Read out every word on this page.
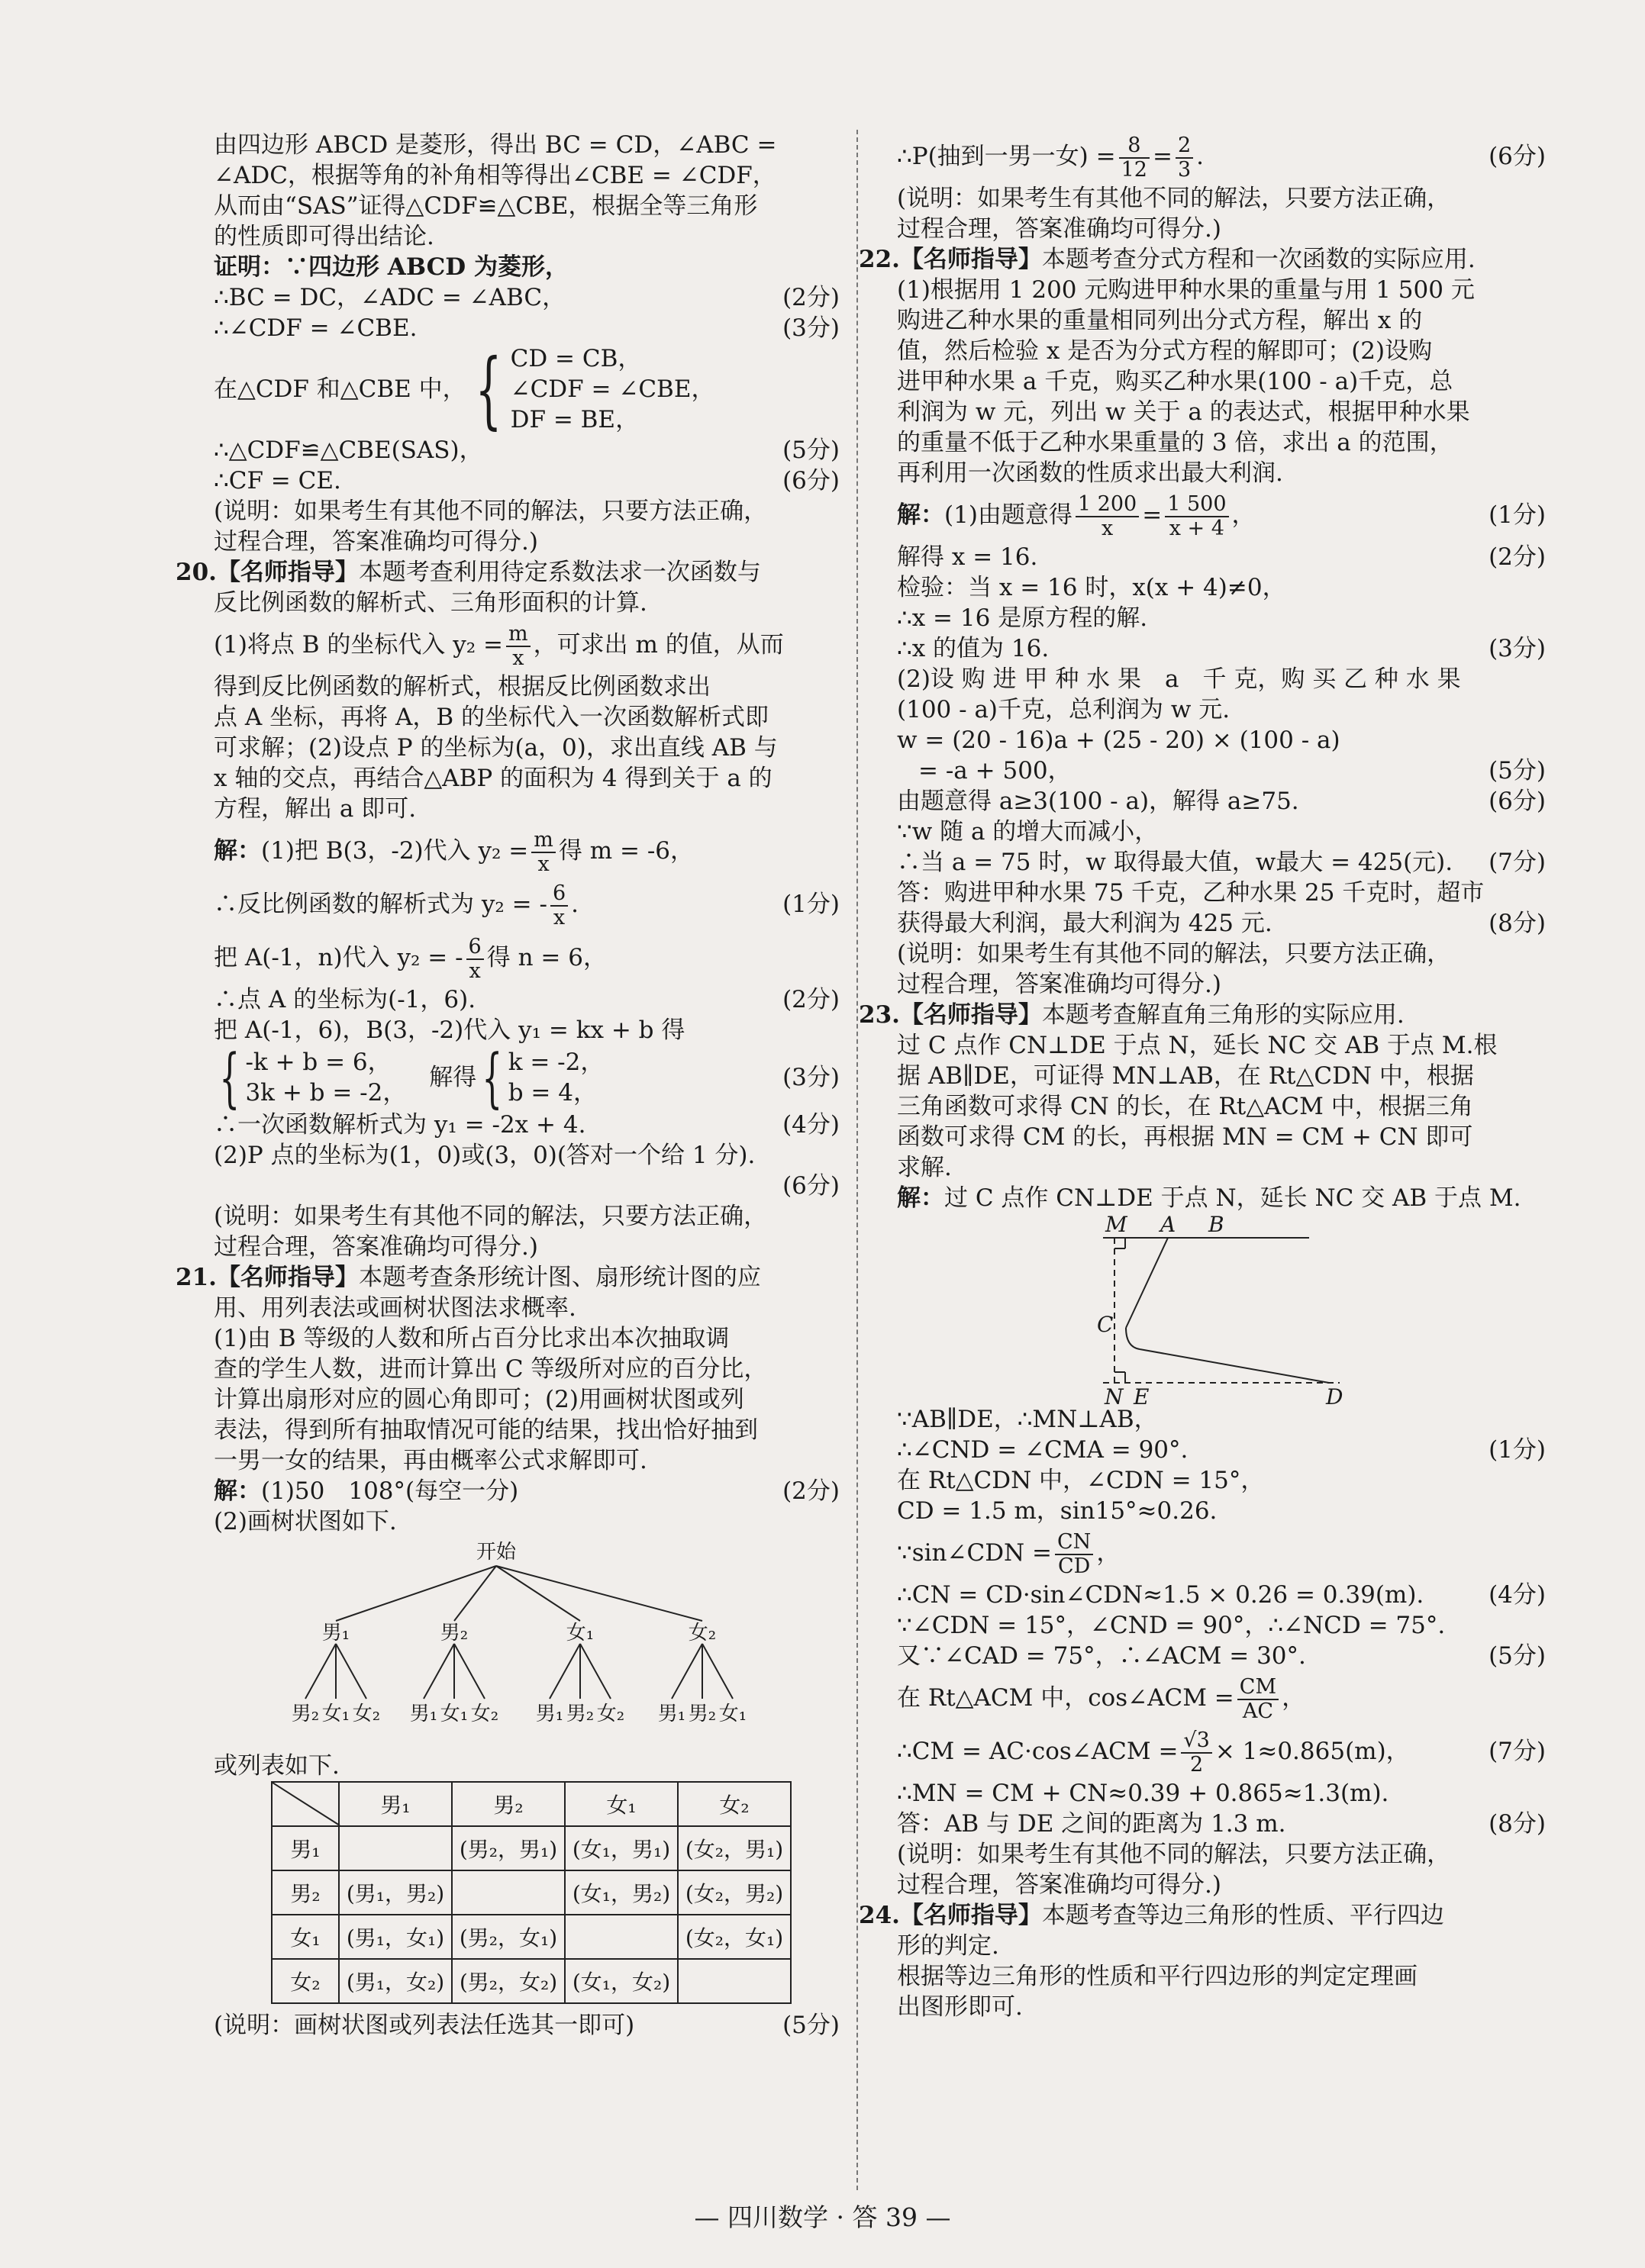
由四边形 ABCD 是菱形，得出 BC = CD，∠ABC =
∠ADC，根据等角的补角相等得出∠CBE = ∠CDF，
从而由“SAS”证得△CDF≌△CBE，根据全等三角形
的性质即可得出结论.
证明：∵四边形 ABCD 为菱形，
∴BC = DC，∠ADC = ∠ABC，	(2分)
∴∠CDF = ∠CBE.	(3分)
在△CDF 和△CBE 中， { CD = CB，
∠CDF = ∠CBE，
DF = BE，
∴△CDF≌△CBE(SAS)，	(5分)
∴CF = CE.	(6分)
(说明：如果考生有其他不同的解法，只要方法正确，
过程合理，答案准确均可得分.)
20.【名师指导】本题考查利用待定系数法求一次函数与
反比例函数的解析式、三角形面积的计算.
(1)将点 B 的坐标代入 $y_2 = \frac{m}{x}$ ，可求出 m 的值，从而
得到反比例函数的解析式，根据反比例函数求出
点 A 坐标，再将 A，B 的坐标代入一次函数解析式即
可求解；(2)设点 P 的坐标为(a，0)，求出直线 AB 与
x 轴的交点，再结合△ABP 的面积为 4 得到关于 a 的
方程，解出 a 即可.
解：(1)把 B(3，-2)代入 $y_2 = \frac{m}{x}$ 得 m = -6，
∴反比例函数的解析式为 y₂ = - $\frac{6}{x}$ .	(1分)
把 A(-1，n)代入 y₂ = - $\frac{6}{x}$ 得 n = 6，
∴点 A 的坐标为(-1，6).	(2分)
把 A(-1，6)，B(3，-2)代入 y₁ = kx + b 得
{ -k + b = 6，
3k + b = -2，
解得{ k = -2，
b = 4，
(3分)
∴一次函数解析式为 y₁ = -2x + 4.	(4分)
(2)P 点的坐标为(1，0)或(3，0)(答对一个给 1 分).
(6分)
(说明：如果考生有其他不同的解法，只要方法正确，
过程合理，答案准确均可得分.)
21.【名师指导】本题考查条形统计图、扇形统计图的应
用、用列表法或画树状图法求概率.
(1)由 B 等级的人数和所占百分比求出本次抽取调
查的学生人数，进而计算出 C 等级所对应的百分比，
计算出扇形对应的圆心角即可；(2)用画树状图或列
表法，得到所有抽取情况可能的结果，找出恰好抽到
一男一女的结果，再由概率公式求解即可.
解：(1)50　108°(每空一分)	(2分)
(2)画树状图如下.
开始
男₁	男₂	女₁	女₂
男₂ 女₁ 女₂ 男₁ 女₁ 女₂ 男₁ 男₂ 女₂ 男₁ 男₂ 女₁
或列表如下.
	男₁	男₂	女₁	女₂
男₁		(男₂，男₁)	(女₁，男₁)	(女₂，男₁)
男₂	(男₁，男₂)		(女₁，男₂)	(女₂，男₂)
女₁	(男₁，女₁)	(男₂，女₁)		(女₂，女₁)
女₂	(男₁，女₂)	(男₂，女₂)	(女₁，女₂)	
(说明：画树状图或列表法任选其一即可)	(5分)
∴P(抽到一男一女) = $\frac{8}{12} = \frac{2}{3}$ .	(6分)
(说明：如果考生有其他不同的解法，只要方法正确，
过程合理，答案准确均可得分.)
22.【名师指导】本题考查分式方程和一次函数的实际应用.
(1)根据用 1 200 元购进甲种水果的重量与用 1 500 元
购进乙种水果的重量相同列出分式方程，解出 x 的
值，然后检验 x 是否为分式方程的解即可；(2)设购
进甲种水果 a 千克，购买乙种水果(100 - a)千克，总
利润为 w 元，列出 w 关于 a 的表达式，根据甲种水果
的重量不低于乙种水果重量的 3 倍，求出 a 的范围，
再利用一次函数的性质求出最大利润.
解：(1)由题意得 $\frac{1 200}{x} = \frac{1 500}{x + 4}$ ，	(1分)
解得 x = 16.	(2分)
检验：当 x = 16 时，x(x + 4)≠0，
∴x = 16 是原方程的解.
∴x 的值为 16.	(3分)
(2)设 购 进 甲 种 水 果　a　千 克，购 买 乙 种 水 果
(100 - a)千克，总利润为 w 元.
w = (20 - 16)a + (25 - 20) × (100 - a)
= -a + 500，	(5分)
由题意得 a≥3(100 - a)，解得 a≥75.	(6分)
∵w 随 a 的增大而减小，
∴当 a = 75 时，w 取得最大值，w最大 = 425(元). (7分)
答：购进甲种水果 75 千克，乙种水果 25 千克时，超市
获得最大利润，最大利润为 425 元.	(8分)
(说明：如果考生有其他不同的解法，只要方法正确，
过程合理，答案准确均可得分.)
23.【名师指导】本题考查解直角三角形的实际应用.
过 C 点作 CN⊥DE 于点 N，延长 NC 交 AB 于点 M.根
据 AB∥DE，可证得 MN⊥AB，在 Rt△CDN 中，根据
三角函数可求得 CN 的长，在 Rt△ACM 中，根据三角
函数可求得 CM 的长，再根据 MN = CM + CN 即可
求解.
解：过 C 点作 CN⊥DE 于点 N，延长 NC 交 AB 于点 M.
M A B
C
N E	D
∵AB∥DE，∴MN⊥AB，
∴∠CND = ∠CMA = 90°.	(1分)
在 Rt△CDN 中，∠CDN = 15°，
CD = 1.5 m，sin15°≈0.26.
∵sin∠CDN = $\frac{CN}{CD}$ ，
∴CN = CD·sin∠CDN≈1.5 × 0.26 = 0.39(m).	(4分)
∵∠CDN = 15°，∠CND = 90°，∴∠NCD = 75°.
又∵∠CAD = 75°，∴∠ACM = 30°.	(5分)
在 Rt△ACM 中，cos∠ACM = $\frac{CM}{AC}$ ，
∴CM = AC·cos∠ACM = $\frac{√3}{2} \times 1\approx 0.865(m)$，	(7分)
∴MN = CM + CN≈0.39 + 0.865≈1.3(m).
答：AB 与 DE 之间的距离为 1.3 m.	(8分)
(说明：如果考生有其他不同的解法，只要方法正确，
过程合理，答案准确均可得分.)
24.【名师指导】本题考查等边三角形的性质、平行四边
形的判定.
根据等边三角形的性质和平行四边形的判定定理画
出图形即可.
— 四川数学 · 答 39 —
